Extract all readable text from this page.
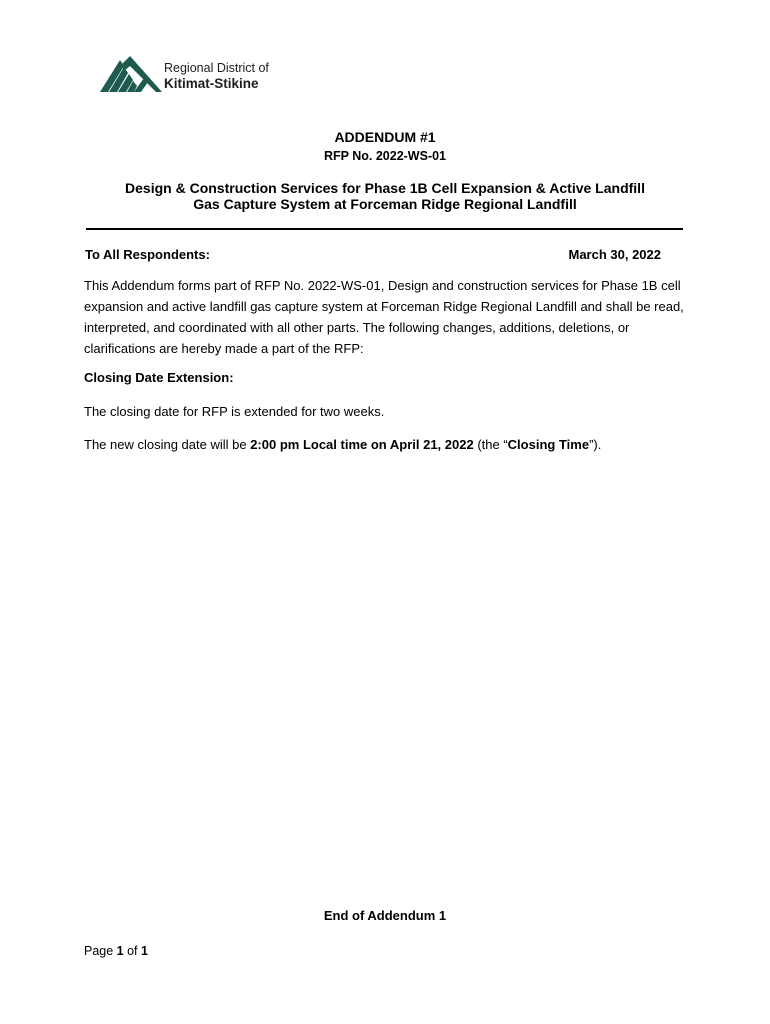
Regional District of
Kitimat-Stikine
ADDENDUM #1
RFP No. 2022-WS-01
Design & Construction Services for Phase 1B Cell Expansion & Active Landfill
Gas Capture System at Forceman Ridge Regional Landfill
To All Respondents:	March 30, 2022
This Addendum forms part of RFP No. 2022-WS-01, Design and construction services for Phase 1B cell expansion and active landfill gas capture system at Forceman Ridge Regional Landfill and shall be read, interpreted, and coordinated with all other parts. The following changes, additions, deletions, or clarifications are hereby made a part of the RFP:
Closing Date Extension:
The closing date for RFP is extended for two weeks.
The new closing date will be 2:00 pm Local time on April 21, 2022 (the “Closing Time”).
End of Addendum 1
Page 1 of 1
